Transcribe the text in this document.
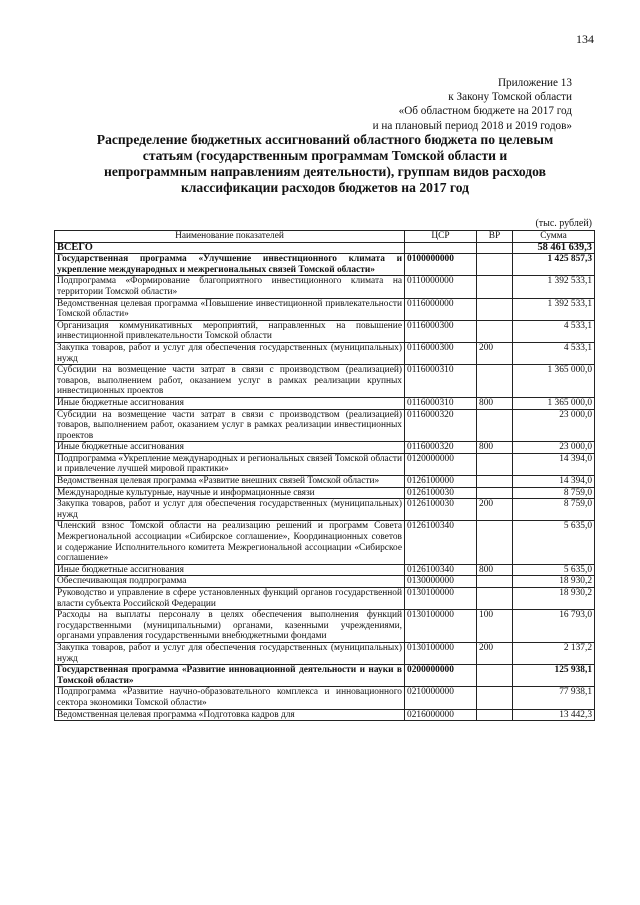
134
Приложение 13
к Закону Томской области
«Об областном бюджете на 2017 год
и на плановый период 2018 и 2019 годов»
Распределение бюджетных ассигнований областного бюджета по целевым статьям (государственным программам Томской области и непрограммным направлениям деятельности), группам видов расходов классификации расходов бюджетов на 2017 год
(тыс. рублей)
Наименование показателей	ЦСР	ВР	Сумма
ВСЕГО			58 461 639,3
Государственная программа «Улучшение инвестиционного климата и укрепление международных и межрегиональных связей Томской области»	0100000000		1 425 857,3
Подпрограмма «Формирование благоприятного инвестиционного климата на территории Томской области»	0110000000		1 392 533,1
Ведомственная целевая программа «Повышение инвестиционной привлекательности Томской области»	0116000000		1 392 533,1
Организация коммуникативных мероприятий, направленных на повышение инвестиционной привлекательности Томской области	0116000300		4 533,1
Закупка товаров, работ и услуг для обеспечения государственных (муниципальных) нужд	0116000300	200	4 533,1
Субсидии на возмещение части затрат в связи с производством (реализацией) товаров, выполнением работ, оказанием услуг в рамках реализации крупных инвестиционных проектов	0116000310		1 365 000,0
Иные бюджетные ассигнования	0116000310	800	1 365 000,0
Субсидии на возмещение части затрат в связи с производством (реализацией) товаров, выполнением работ, оказанием услуг в рамках реализации инвестиционных проектов	0116000320		23 000,0
Иные бюджетные ассигнования	0116000320	800	23 000,0
Подпрограмма «Укрепление международных и региональных связей Томской области и привлечение лучшей мировой практики»	0120000000		14 394,0
Ведомственная целевая программа «Развитие внешних связей Томской области»	0126100000		14 394,0
Международные культурные, научные и информационные связи	0126100030		8 759,0
Закупка товаров, работ и услуг для обеспечения государственных (муниципальных) нужд	0126100030	200	8 759,0
Членский взнос Томской области на реализацию решений и программ Совета Межрегиональной ассоциации «Сибирское соглашение», Координационных советов и содержание Исполнительного комитета Межрегиональной ассоциации «Сибирское соглашение»	0126100340		5 635,0
Иные бюджетные ассигнования	0126100340	800	5 635,0
Обеспечивающая подпрограмма	0130000000		18 930,2
Руководство и управление в сфере установленных функций органов государственной власти субъекта Российской Федерации	0130100000		18 930,2
Расходы на выплаты персоналу в целях обеспечения выполнения функций государственными (муниципальными) органами, казенными учреждениями, органами управления государственными внебюджетными фондами	0130100000	100	16 793,0
Закупка товаров, работ и услуг для обеспечения государственных (муниципальных) нужд	0130100000	200	2 137,2
Государственная программа «Развитие инновационной деятельности и науки в Томской области»	0200000000		125 938,1
Подпрограмма «Развитие научно-образовательного комплекса и инновационного сектора экономики Томской области»	0210000000		77 938,1
Ведомственная целевая программа «Подготовка кадров для	0216000000		13 442,3
